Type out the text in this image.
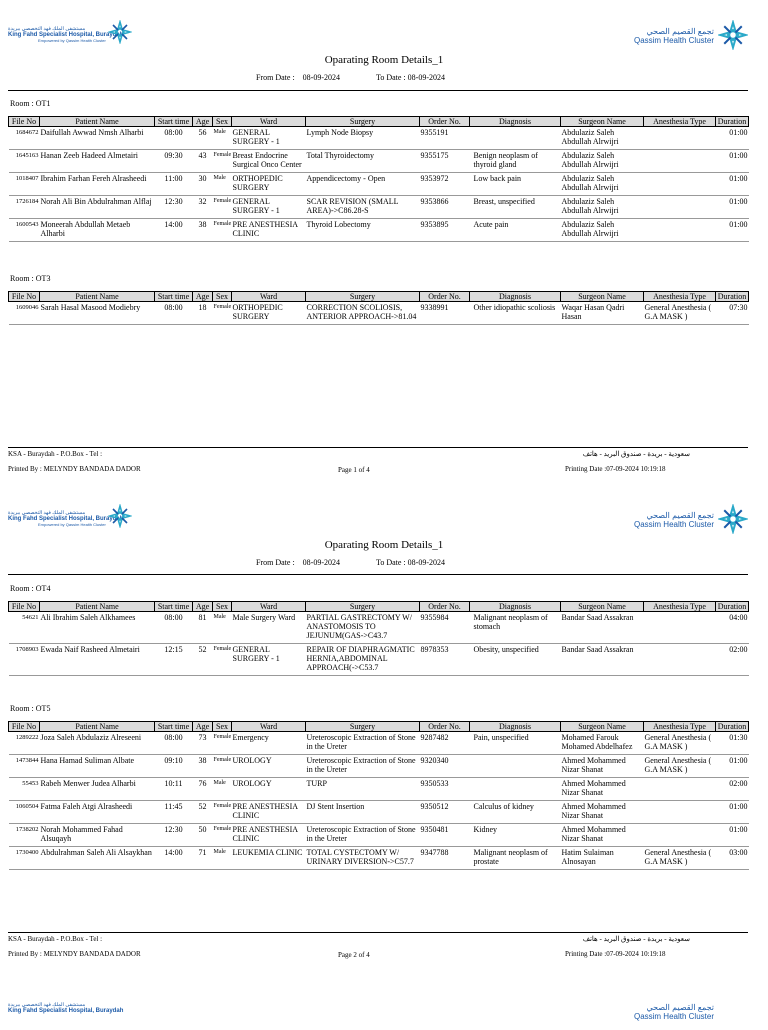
مستشفى الملك فهد التخصصي ببريدة
King Fahd Specialist Hospital, Buraydah
Empowered by Qassim Health Cluster
تجمع القصيم الصحي
Qassim Health Cluster
Oparating Room Details_1
From Date : 08-09-2024	To Date : 08-09-2024
Room : OT1
File No	Patient Name	Start time	Age	Sex	Ward	Surgery	Order No.	Diagnosis	Surgeon Name	Anesthesia Type	Duration
1684672	Daifullah Awwad Nmsh Alharbi	08:00	56	Male	GENERAL SURGERY - 1	Lymph Node Biopsy	9355191		Abdulaziz Saleh Abdullah Alrwijri		01:00
1645163	Hanan Zeeb Hadeed Almetairi	09:30	43	Female	Breast Endocrine Surgical Onco Center	Total Thyroidectomy	9355175	Benign neoplasm of thyroid gland	Abdulaziz Saleh Abdullah Alrwijri		01:00
1018407	Ibrahim Farhan Fereh Alrasheedi	11:00	30	Male	ORTHOPEDIC SURGERY	Appendicectomy - Open	9353972	Low back pain	Abdulaziz Saleh Abdullah Alrwijri		01:00
1726184	Norah Ali Bin Abdulrahman Alflaj	12:30	32	Female	GENERAL SURGERY - 1	SCAR REVISION (SMALL AREA)->C86.28-S	9353866	Breast, unspecified	Abdulaziz Saleh Abdullah Alrwijri		01:00
1600543	Moneerah Abdullah Metaeb Alharbi	14:00	38	Female	PRE ANESTHESIA CLINIC	Thyroid Lobectomy	9353895	Acute pain	Abdulaziz Saleh Abdullah Alrwijri		01:00
Room : OT3
File No	Patient Name	Start time	Age	Sex	Ward	Surgery	Order No.	Diagnosis	Surgeon Name	Anesthesia Type	Duration
1609046	Sarah Hasal Masood Modiebry	08:00	18	Female	ORTHOPEDIC SURGERY	CORRECTION SCOLIOSIS, ANTERIOR APPROACH->81.04	9338991	Other idiopathic scoliosis	Waqar Hasan Qadri Hasan	General Anesthesia ( G.A MASK )	07:30
KSA - Buraydah - P.O.Box - Tel :	سعودية - بريدة - صندوق البريد - هاتف
Printed By : MELYNDY BANDADA DADOR	Page 1 of 4	Printing Date :07-09-2024 10:19:18
مستشفى الملك فهد التخصصي ببريدة
King Fahd Specialist Hospital, Buraydah
Empowered by Qassim Health Cluster
تجمع القصيم الصحي
Qassim Health Cluster
Oparating Room Details_1
From Date : 08-09-2024	To Date : 08-09-2024
Room : OT4
File No	Patient Name	Start time	Age	Sex	Ward	Surgery	Order No.	Diagnosis	Surgeon Name	Anesthesia Type	Duration
54621	Ali Ibrahim Saleh Alkhamees	08:00	81	Male	Male Surgery Ward	PARTIAL GASTRECTOMY W/ ANASTOMOSIS TO JEJUNUM(GAS->C43.7	9355984	Malignant neoplasm of stomach	Bandar Saad Assakran		04:00
1708903	Ewada Naif Rasheed Almetairi	12:15	52	Female	GENERAL SURGERY - 1	REPAIR OF DIAPHRAGMATIC HERNIA,ABDOMINAL APPROACH(->C53.7	8978353	Obesity, unspecified	Bandar Saad Assakran		02:00
Room : OT5
File No	Patient Name	Start time	Age	Sex	Ward	Surgery	Order No.	Diagnosis	Surgeon Name	Anesthesia Type	Duration
1289222	Joza Saleh Abdulaziz Alreseeni	08:00	73	Female	Emergency	Ureteroscopic Extraction of Stone in the Ureter	9287482	Pain, unspecified	Mohamed Farouk Mohamed Abdelhafez	General Anesthesia ( G.A MASK )	01:30
1473844	Hana Hamad Suliman Albate	09:10	38	Female	UROLOGY	Ureteroscopic Extraction of Stone in the Ureter	9320340		Ahmed Mohammed Nizar Shanat	General Anesthesia ( G.A MASK )	01:00
55453	Rabeh Menwer Judea Alharbi	10:11	76	Male	UROLOGY	TURP	9350533		Ahmed Mohammed Nizar Shanat		02:00
1060504	Fatma Faleh Atgi Alrasheedi	11:45	52	Female	PRE ANESTHESIA CLINIC	DJ Stent Insertion	9350512	Calculus of kidney	Ahmed Mohammed Nizar Shanat		01:00
1738202	Norah Mohammed Fahad Alsuqayh	12:30	50	Female	PRE ANESTHESIA CLINIC	Ureteroscopic Extraction of Stone in the Ureter	9350481	Kidney	Ahmed Mohammed Nizar Shanat		01:00
1730400	Abdulrahman Saleh Ali Alsaykhan	14:00	71	Male	LEUKEMIA CLINIC	TOTAL CYSTECTOMY W/ URINARY DIVERSION->C57.7	9347788	Malignant neoplasm of prostate	Hatim Sulaiman Alnosayan	General Anesthesia ( G.A MASK )	03:00
KSA - Buraydah - P.O.Box - Tel :	سعودية - بريدة - صندوق البريد - هاتف
Printed By : MELYNDY BANDADA DADOR	Page 2 of 4	Printing Date :07-09-2024 10:19:18
مستشفى الملك فهد التخصصي ببريدة
King Fahd Specialist Hospital, Buraydah	تجمع القصيم الصحي
Qassim Health Cluster
